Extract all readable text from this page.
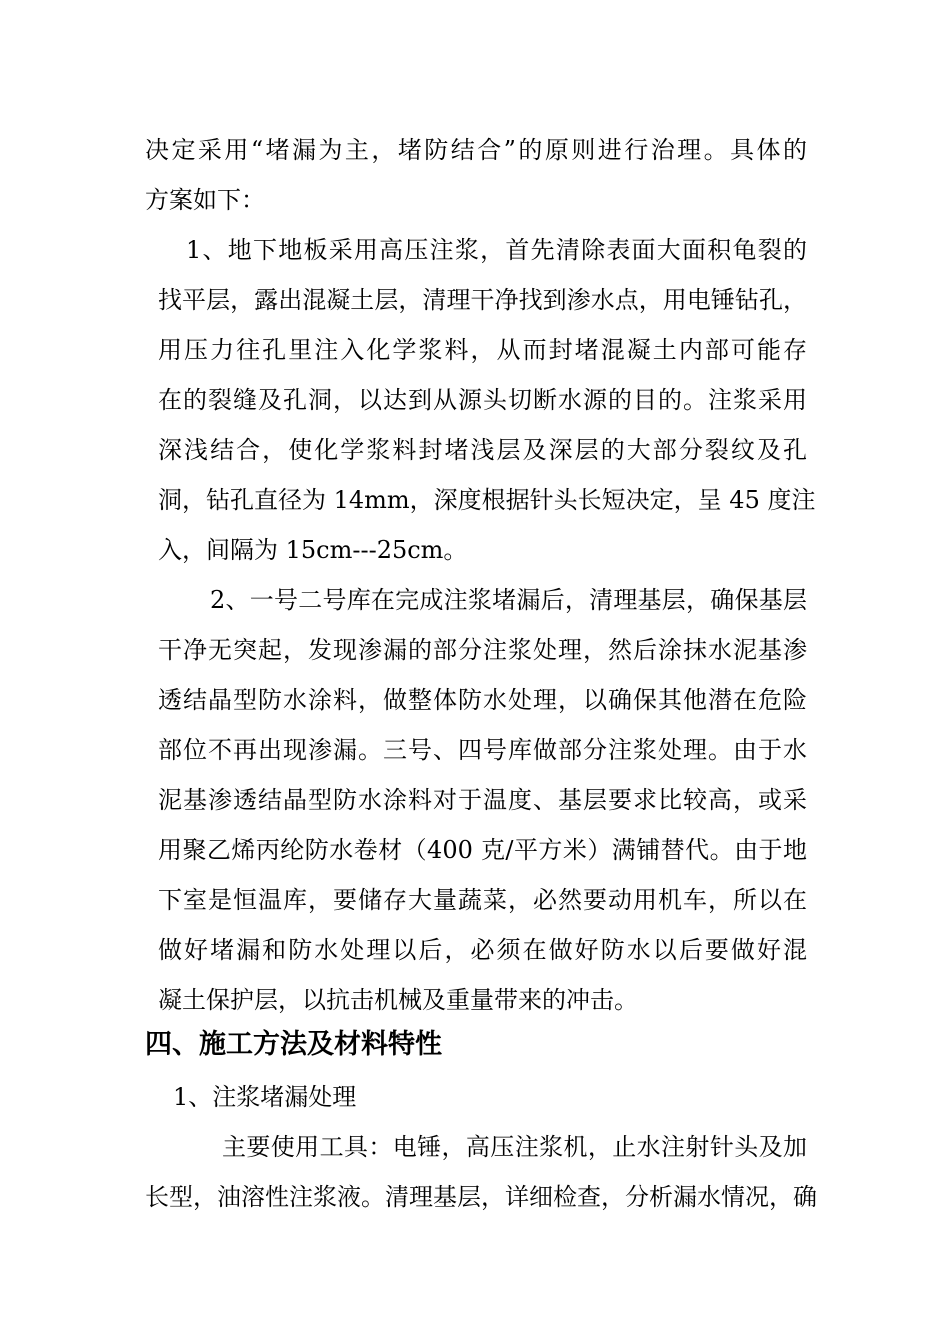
决定采用“堵漏为主，堵防结合”的原则进行治理。具体的
方案如下：
1、地下地板采用高压注浆，首先清除表面大面积龟裂的
找平层，露出混凝土层，清理干净找到渗水点，用电锤钻孔，
用压力往孔里注入化学浆料，从而封堵混凝土内部可能存
在的裂缝及孔洞，以达到从源头切断水源的目的。注浆采用
深浅结合，使化学浆料封堵浅层及深层的大部分裂纹及孔
洞，钻孔直径为 14mm，深度根据针头长短决定，呈 45 度注
入，间隔为 15cm---25cm。
2、一号二号库在完成注浆堵漏后，清理基层，确保基层
干净无突起，发现渗漏的部分注浆处理，然后涂抹水泥基渗
透结晶型防水涂料，做整体防水处理，以确保其他潜在危险
部位不再出现渗漏。三号、四号库做部分注浆处理。由于水
泥基渗透结晶型防水涂料对于温度、基层要求比较高，或采
用聚乙烯丙纶防水卷材（400 克/平方米）满铺替代。由于地
下室是恒温库，要储存大量蔬菜，必然要动用机车，所以在
做好堵漏和防水处理以后，必须在做好防水以后要做好混
凝土保护层，以抗击机械及重量带来的冲击。
四、施工方法及材料特性
1、注浆堵漏处理
主要使用工具：电锤，高压注浆机，止水注射针头及加
长型，油溶性注浆液。清理基层，详细检查，分析漏水情况，确
